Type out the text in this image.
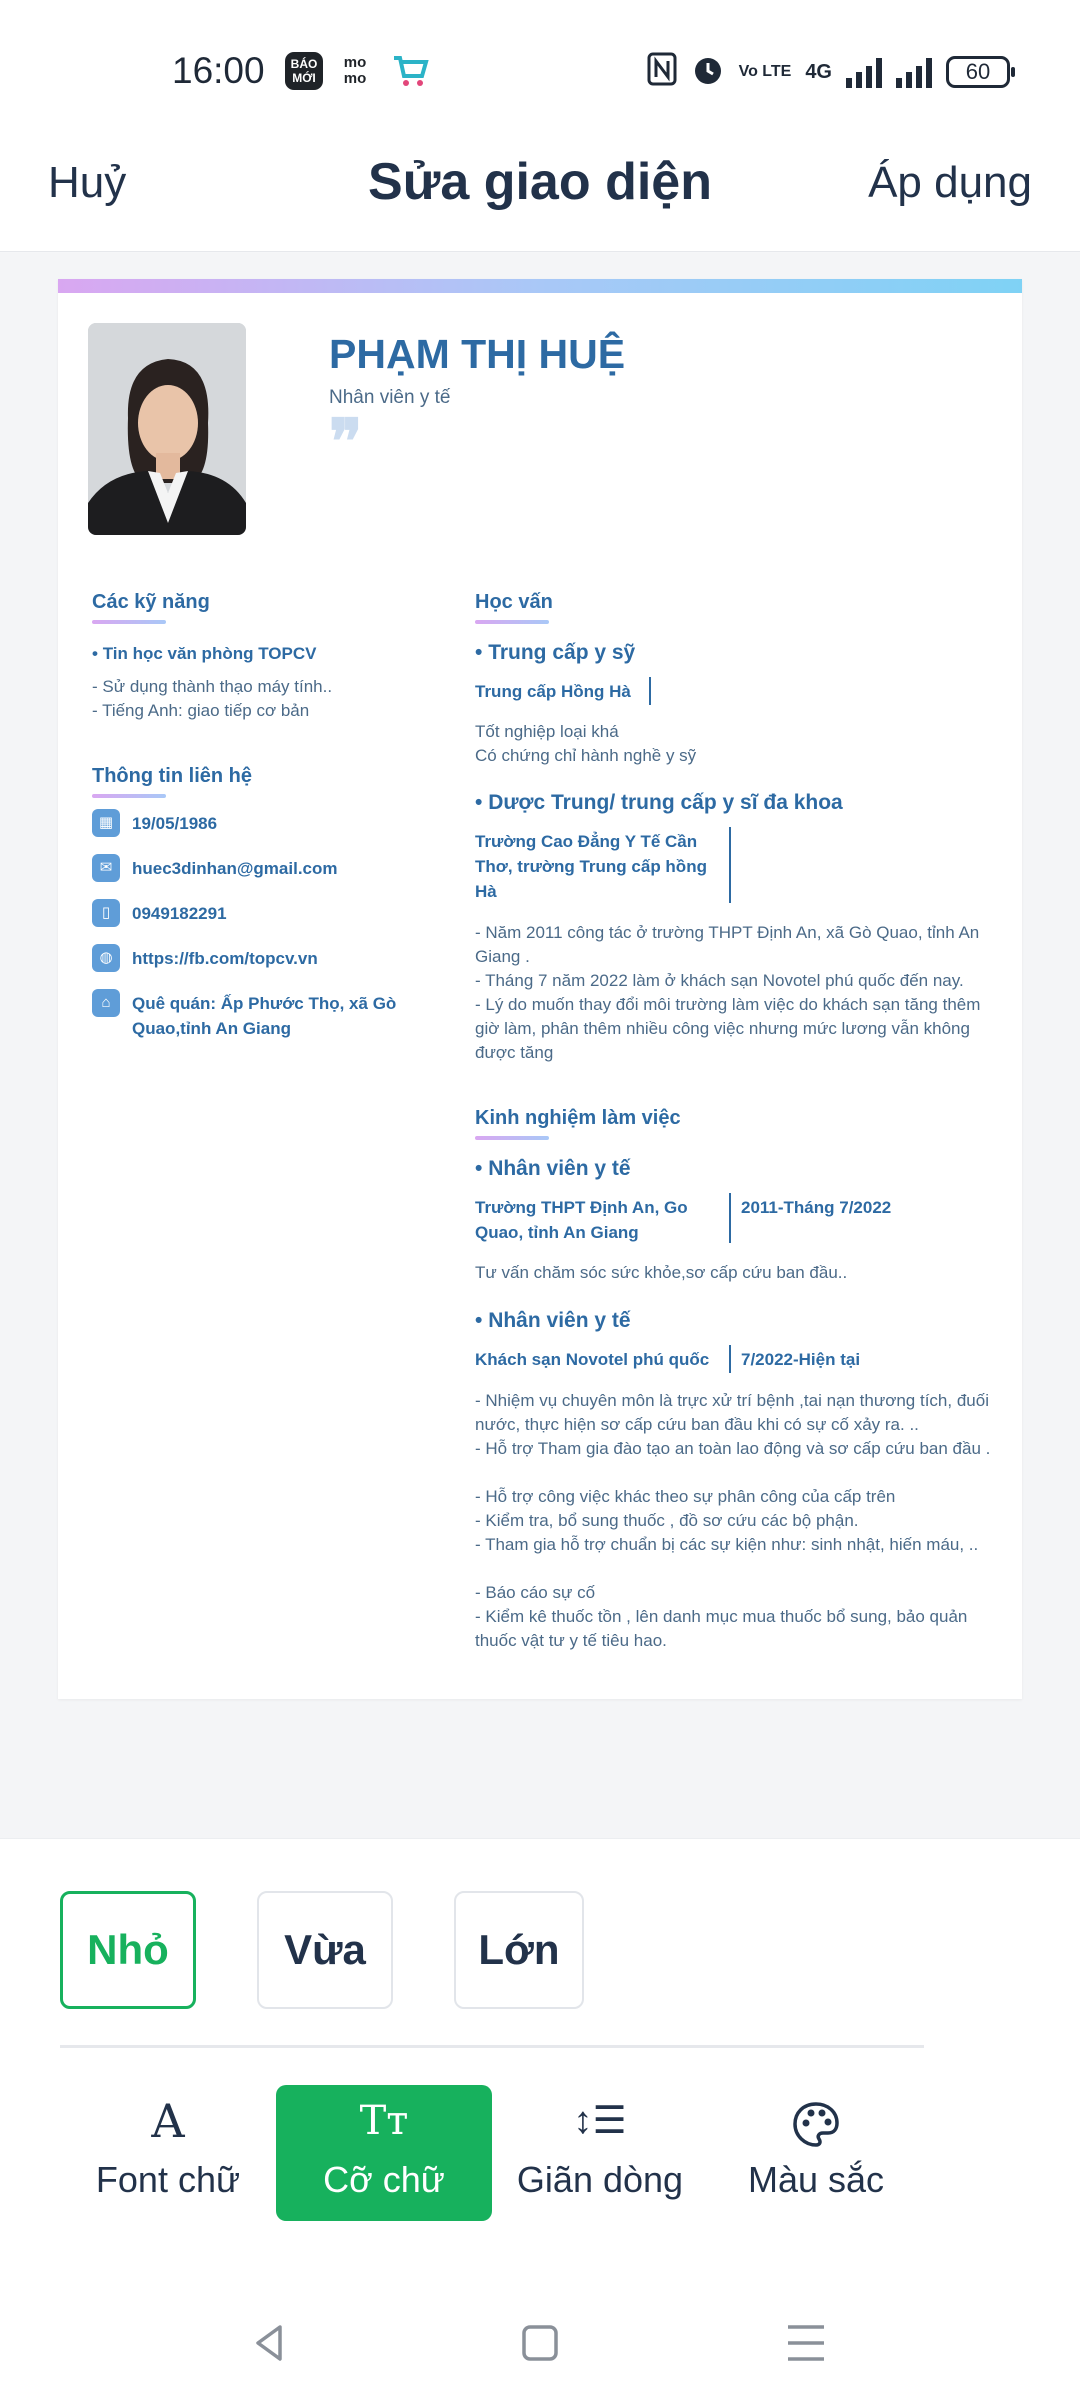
16:00	BÁO
MỚI
mo
mo	Vo LTE 4G	60
Huỷ	Sửa giao diện	Áp dụng
PHẠM THỊ HUỆ
Nhân viên y tế
❞
Các kỹ năng
• Tin học văn phòng TOPCV
- Sử dụng thành thạo máy tính..
- Tiếng Anh: giao tiếp cơ bản
Thông tin liên hệ
▦	19/05/1986
✉	huec3dinhan@gmail.com
▯	0949182291
◍	https://fb.com/topcv.vn
⌂	Quê quán: Ấp Phước Thọ, xã Gò Quao,tỉnh An Giang
Học vấn
• Trung cấp y sỹ
Trung cấp Hồng Hà
Tốt nghiệp loại khá
Có chứng chỉ hành nghề y sỹ
• Dược Trung/ trung cấp y sĩ đa khoa
Trường Cao Đẳng Y Tế Cần Thơ, trường Trung cấp hồng Hà
- Năm 2011 công tác ở trường THPT Định An, xã Gò Quao, tỉnh An Giang .
- Tháng 7 năm 2022 làm ở khách sạn Novotel phú quốc đến nay.
- Lý do muốn thay đổi môi trường làm việc do khách sạn tăng thêm giờ làm, phân thêm nhiều công việc nhưng mức lương vẫn không được tăng
Kinh nghiệm làm việc
• Nhân viên y tế
Trường THPT Định An, Go Quao, tỉnh An Giang
2011-Tháng 7/2022
Tư vấn chăm sóc sức khỏe,sơ cấp cứu ban đầu..
• Nhân viên y tế
Khách sạn Novotel phú quốc 7/2022-Hiện tại
- Nhiệm vụ chuyên môn là trực xử trí bệnh ,tai nạn thương tích, đuối nước, thực hiện sơ cấp cứu ban đầu khi có sự cố xảy ra. ..
- Hỗ trợ Tham gia đào tạo an toàn lao động và sơ cấp cứu ban đầu .
- Hỗ trợ công việc khác theo sự phân công của cấp trên
- Kiểm tra, bổ sung thuốc , đồ sơ cứu các bộ phận.
- Tham gia hỗ trợ chuẩn bị các sự kiện như: sinh nhật, hiến máu, ..
- Báo cáo sự cố
- Kiểm kê thuốc tồn , lên danh mục mua thuốc bổ sung, bảo quản thuốc vật tư y tế tiêu hao.
Nhỏ	Vừa	Lớn
A
Font chữ
Tт
Cỡ chữ
↕☰
Giãn dòng	Màu sắc
